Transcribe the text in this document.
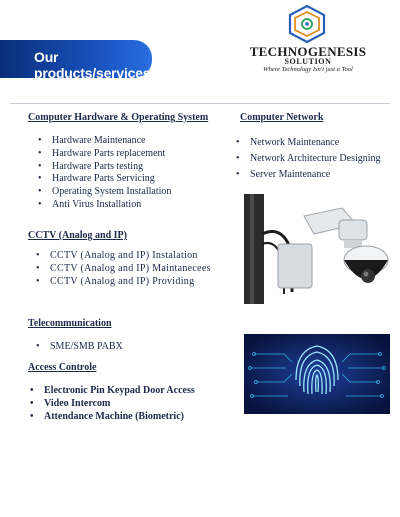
Our products/services
TECHNOGENESIS
SOLUTION
Where Technology Isn't just a Tool
Computer Hardware & Operating System
• Hardware Maintenance
• Hardware Parts replacement
• Hardware Parts testing
• Hardware Parts Servicing
• Operating System Installation
• Anti Virus Installation
Computer Network
• Network Maintenance
• Network Architecture Designing
• Server Maintenance
CCTV (Analog and IP)
• CCTV (Analog and IP) Instalation
• CCTV (Analog and IP) Maintanecees
• CCTV (Analog and IP) Providing
Telecommunication
• SME/SMB PABX
Access Controle
• Electronic Pin Keypad Door Access
• Video Intercom
• Attendance Machine (Biometric)
